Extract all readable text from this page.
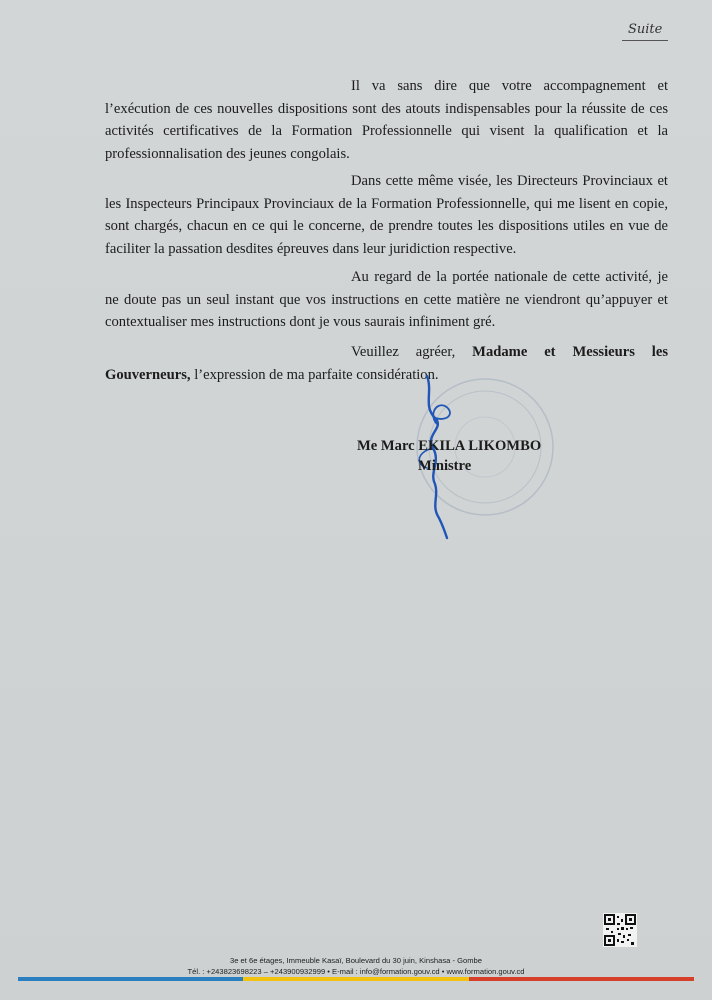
Suite

Il va sans dire que votre accompagnement et l’exécution de ces nouvelles dispositions sont des atouts indispensables pour la réussite de ces activités certificatives de la Formation Professionnelle qui visent la qualification et la professionnalisation des jeunes congolais.

Dans cette même visée, les Directeurs Provinciaux et les Inspecteurs Principaux Provinciaux de la Formation Professionnelle, qui me lisent en copie, sont chargés, chacun en ce qui le concerne, de prendre toutes les dispositions utiles en vue de faciliter la passation desdites épreuves dans leur juridiction respective.

Au regard de la portée nationale de cette activité, je ne doute pas un seul instant que vos instructions en cette matière ne viendront qu’appuyer et contextualiser mes instructions dont je vous saurais infiniment gré.

Veuillez agréer, Madame et Messieurs les Gouverneurs, l’expression de ma parfaite considération.

Me Marc EKILA LIKOMBO
Ministre
3e et 6e étages, Immeuble Kasaï, Boulevard du 30 juin, Kinshasa - Gombe
Tél. : +243823698223 – +243900932999 • E-mail : info@formation.gouv.cd • www.formation.gouv.cd
